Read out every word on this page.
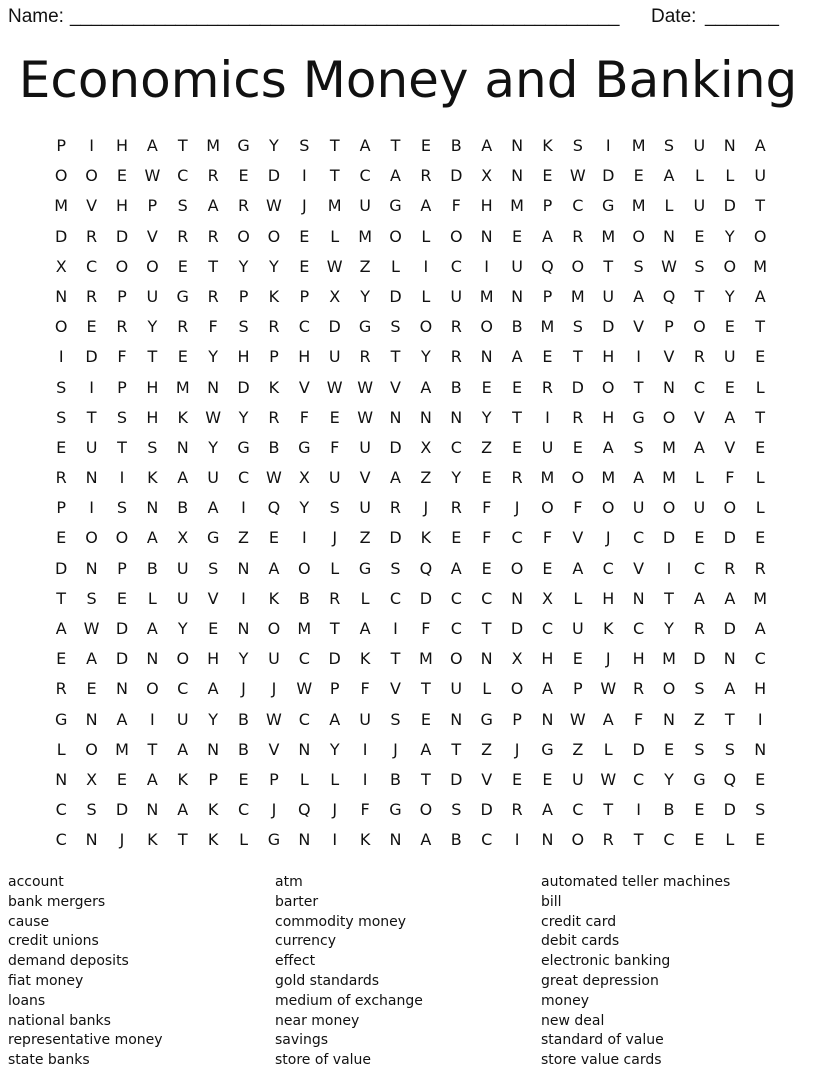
Name: ____________________________________________________ Date: _______
Economics Money and Banking
P	I	H	A	T	M	G	Y	S	T	A	T	E	B	A	N	K	S	I	M	S	U	N	A
O	O	E	W	C	R	E	D	I	T	C	A	R	D	X	N	E	W	D	E	A	L	L	U
M	V	H	P	S	A	R	W	J	M	U	G	A	F	H	M	P	C	G	M	L	U	D	T
D	R	D	V	R	R	O	O	E	L	M	O	L	O	N	E	A	R	M	O	N	E	Y	O
X	C	O	O	E	T	Y	Y	E	W	Z	L	I	C	I	U	Q	O	T	S	W	S	O	M
N	R	P	U	G	R	P	K	P	X	Y	D	L	U	M	N	P	M	U	A	Q	T	Y	A
O	E	R	Y	R	F	S	R	C	D	G	S	O	R	O	B	M	S	D	V	P	O	E	T
I	D	F	T	E	Y	H	P	H	U	R	T	Y	R	N	A	E	T	H	I	V	R	U	E
S	I	P	H	M	N	D	K	V	W W	V	A	B	E	E	R	D	O	T	N	C	E	L
S	T	S	H	K	W	Y	R	F	E	W	N	N	N	Y	T	I	R	H	G	O	V	A	T
E	U	T	S	N	Y	G	B	G	F	U	D	X	C	Z	E	U	E	A	S	M	A	V	E
R	N	I	K	A	U	C	W	X	U	V	A	Z	Y	E	R	M	O	M	A	M	L	F	L
P	I	S	N	B	A	I	Q	Y	S	U	R	J	R	F	J	O	F	O	U	O	U	O	L
E	O	O	A	X	G	Z	E	I	J	Z	D	K	E	F	C	F	V	J	C	D	E	D	E
D	N	P	B	U	S	N	A	O	L	G	S	Q	A	E	O	E	A	C	V	I	C	R	R
T	S	E	L	U	V	I	K	B	R	L	C	D	C	C	N	X	L	H	N	T	A	A	M
A	W	D	A	Y	E	N	O	M	T	A	I	F	C	T	D	C	U	K	C	Y	R	D	A
E	A	D	N	O	H	Y	U	C	D	K	T	M	O	N	X	H	E	J	H	M	D	N	C
R	E	N	O	C	A	J	J	W	P	F	V	T	U	L	O	A	P	W	R	O	S	A	H
G	N	A	I	U	Y	B	W	C	A	U	S	E	N	G	P	N	W	A	F	N	Z	T	I
L	O	M	T	A	N	B	V	N	Y	I	J	A	T	Z	J	G	Z	L	D	E	S	S	N
N	X	E	A	K	P	E	P	L	L	I	B	T	D	V	E	E	U	W	C	Y	G	Q	E
C	S	D	N	A	K	C	J	Q	J	F	G	O	S	D	R	A	C	T	I	B	E	D	S
C	N	J	K	T	K	L	G	N	I	K	N	A	B	C	I	N	O	R	T	C	E	L	E
account
bank mergers
cause
credit unions
demand deposits
fiat money
loans
national banks
representative money
state banks
atm
barter
commodity money
currency
effect
gold standards
medium of exchange
near money
savings
store of value
automated teller machines
bill
credit card
debit cards
electronic banking
great depression
money
new deal
standard of value
store value cards
